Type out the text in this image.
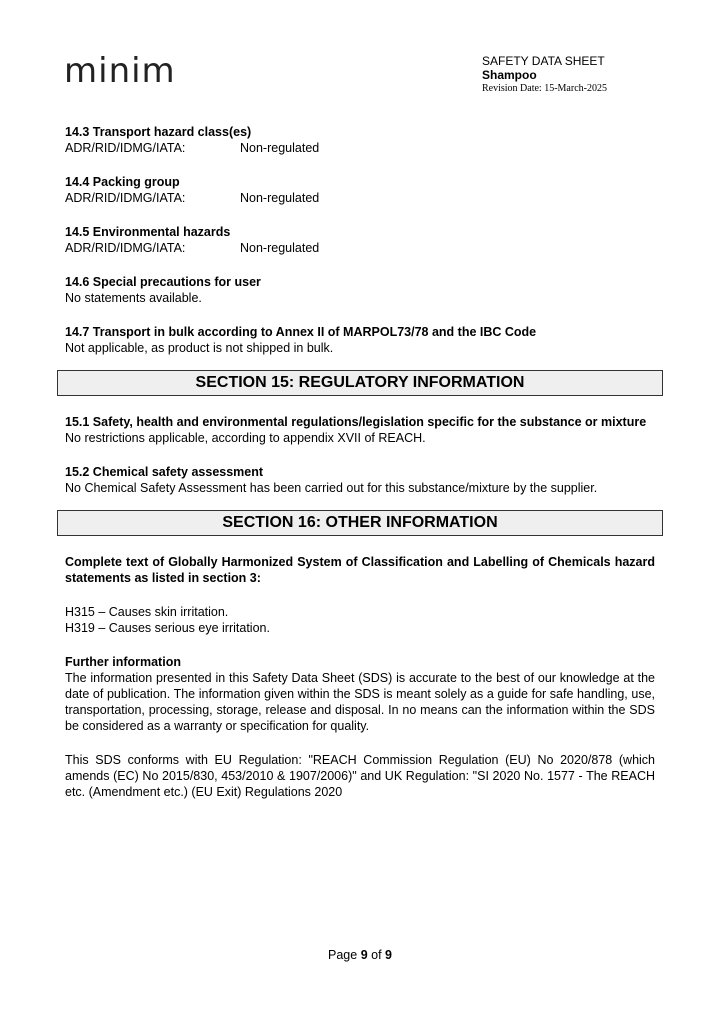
miniml	SAFETY DATA SHEET
Shampoo
Revision Date: 15-March-2025
14.3 Transport hazard class(es)
ADR/RID/IDMG/IATA:	Non-regulated
14.4 Packing group
ADR/RID/IDMG/IATA:	Non-regulated
14.5 Environmental hazards
ADR/RID/IDMG/IATA:	Non-regulated
14.6 Special precautions for user
No statements available.
14.7 Transport in bulk according to Annex II of MARPOL73/78 and the IBC Code
Not applicable, as product is not shipped in bulk.
SECTION 15: REGULATORY INFORMATION
15.1 Safety, health and environmental regulations/legislation specific for the substance or mixture
No restrictions applicable, according to appendix XVII of REACH.
15.2 Chemical safety assessment
No Chemical Safety Assessment has been carried out for this substance/mixture by the supplier.
SECTION 16: OTHER INFORMATION
Complete text of Globally Harmonized System of Classification and Labelling of Chemicals hazard statements as listed in section 3:
H315 – Causes skin irritation.
H319 – Causes serious eye irritation.
Further information
The information presented in this Safety Data Sheet (SDS) is accurate to the best of our knowledge at the date of publication. The information given within the SDS is meant solely as a guide for safe handling, use, transportation, processing, storage, release and disposal. In no means can the information within the SDS be considered as a warranty or specification for quality.
This SDS conforms with EU Regulation: "REACH Commission Regulation (EU) No 2020/878 (which amends (EC) No 2015/830, 453/2010 & 1907/2006)" and UK Regulation: "SI 2020 No. 1577 - The REACH etc. (Amendment etc.) (EU Exit) Regulations 2020
Page 9 of 9
